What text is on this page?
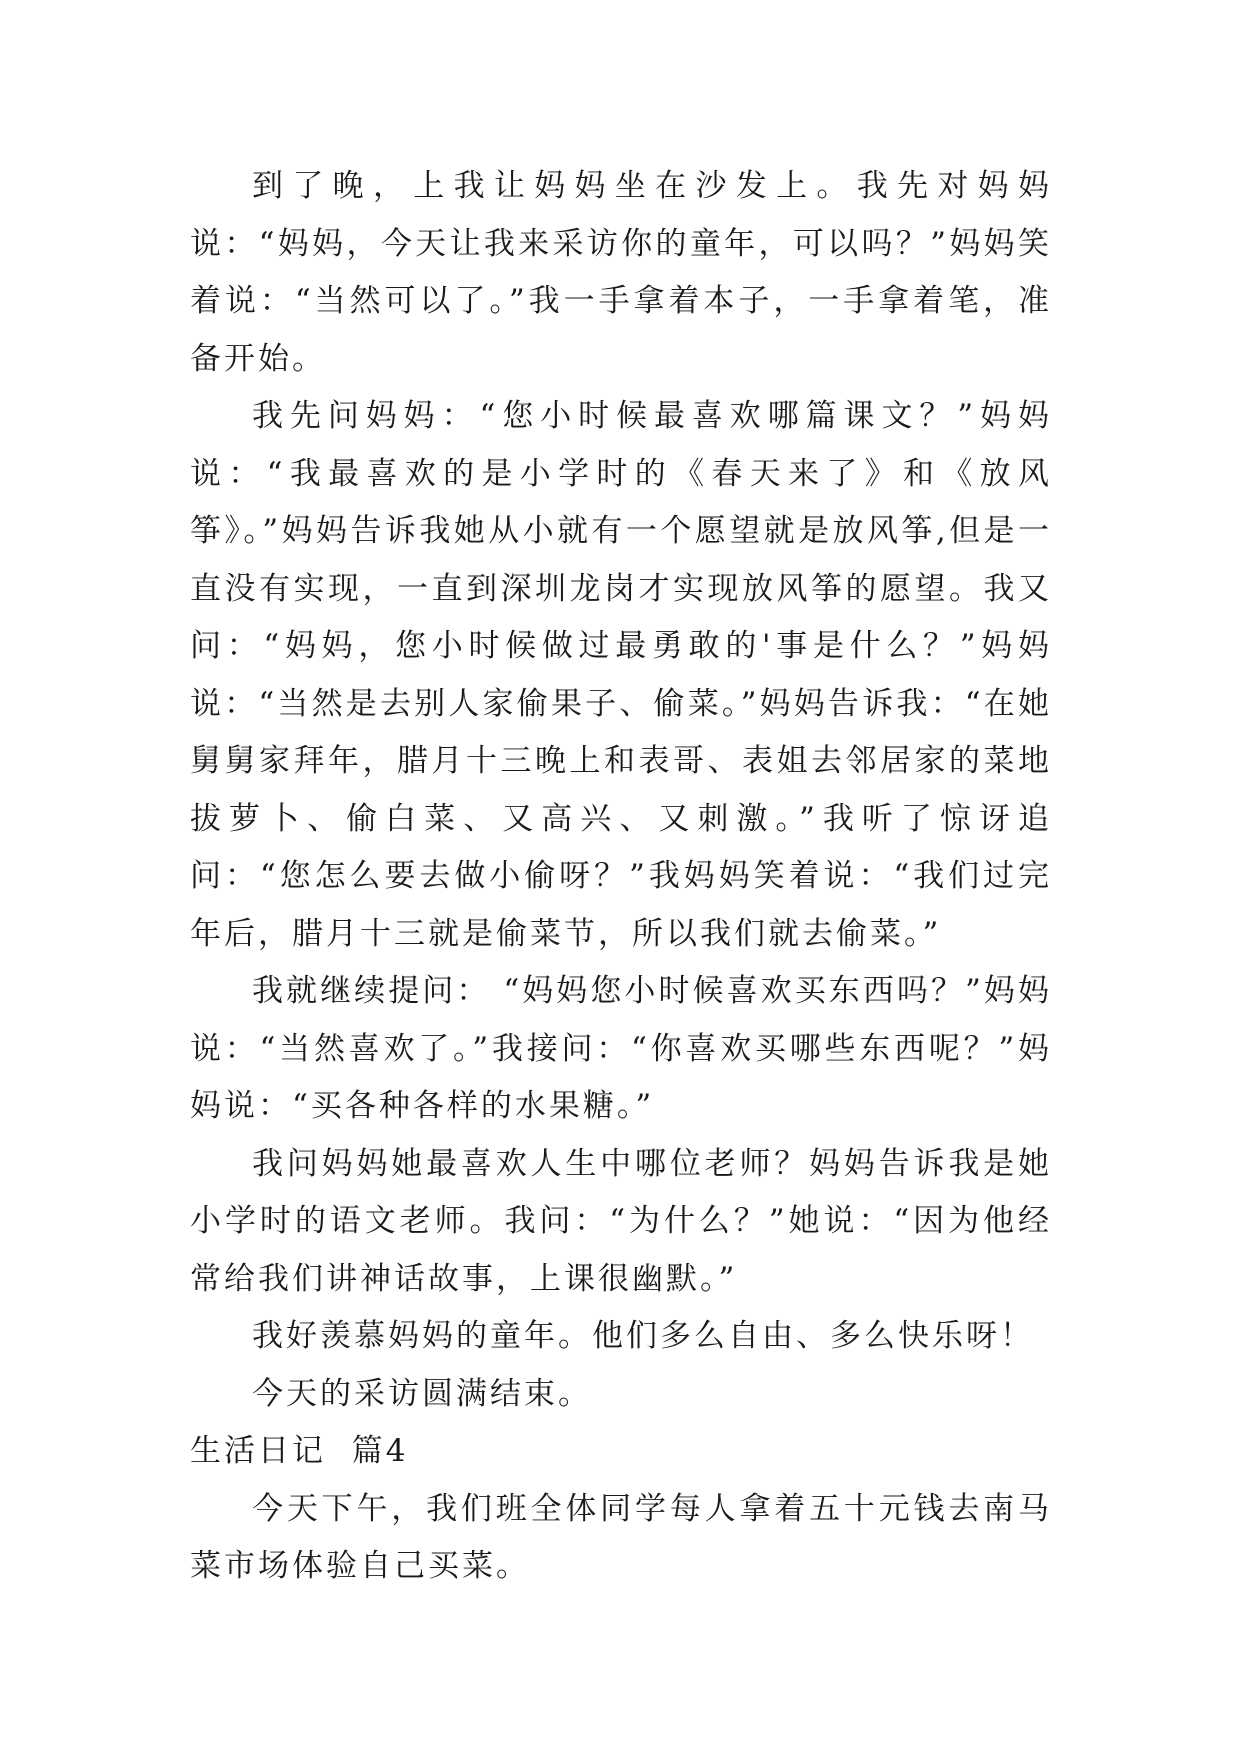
到了晚，上我让妈妈坐在沙发上。我先对妈妈说：“妈妈，今天让我来采访你的童年，可以吗？”妈妈笑着说：“当然可以了。”我一手拿着本子，一手拿着笔，准备开始。

我先问妈妈：“您小时候最喜欢哪篇课文？”妈妈说：“我最喜欢的是小学时的《春天来了》和《放风筝》。”妈妈告诉我她从小就有一个愿望就是放风筝,但是一直没有实现，一直到深圳龙岗才实现放风筝的愿望。我又问：“妈妈，您小时候做过最勇敢的'事是什么？”妈妈说：“当然是去别人家偷果子、偷菜。”妈妈告诉我：“在她舅舅家拜年，腊月十三晚上和表哥、表姐去邻居家的菜地拔萝卜、偷白菜、又高兴、又刺激。”我听了惊讶追问：“您怎么要去做小偷呀？”我妈妈笑着说：“我们过完年后，腊月十三就是偷菜节，所以我们就去偷菜。”

我就继续提问： “妈妈您小时候喜欢买东西吗？”妈妈说：“当然喜欢了。”我接问：“你喜欢买哪些东西呢？”妈妈说：“买各种各样的水果糖。”

我问妈妈她最喜欢人生中哪位老师？妈妈告诉我是她小学时的语文老师。我问：“为什么？”她说：“因为他经常给我们讲神话故事，上课很幽默。”

我好羡慕妈妈的童年。他们多么自由、多么快乐呀！

今天的采访圆满结束。

生活日记  篇4

今天下午，我们班全体同学每人拿着五十元钱去南马菜市场体验自己买菜。
